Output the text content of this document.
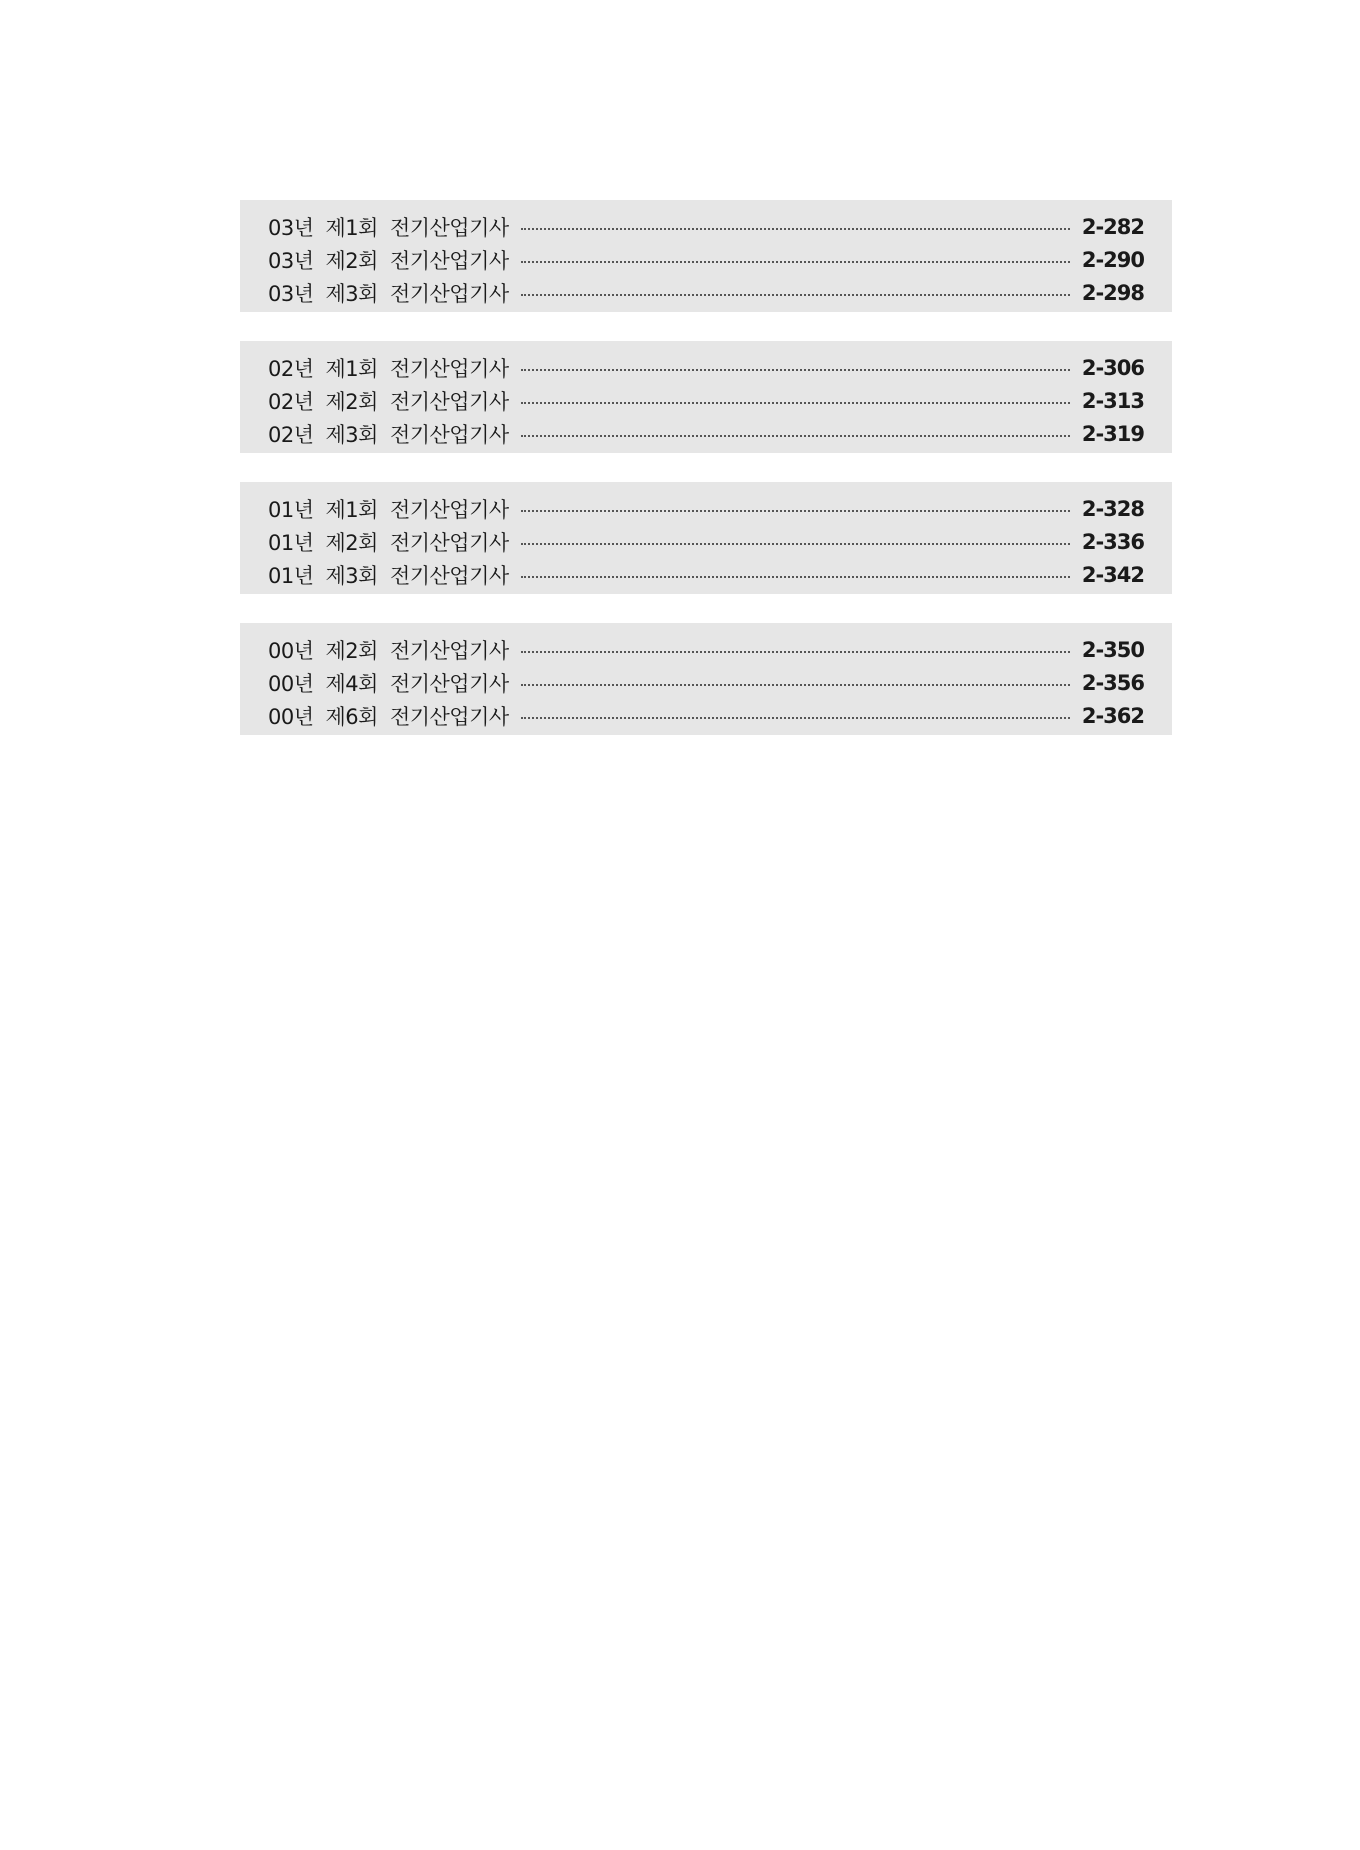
03년 제1회 전기산업기사	2-282
03년 제2회 전기산업기사	2-290
03년 제3회 전기산업기사	2-298
02년 제1회 전기산업기사	2-306
02년 제2회 전기산업기사	2-313
02년 제3회 전기산업기사	2-319
01년 제1회 전기산업기사	2-328
01년 제2회 전기산업기사	2-336
01년 제3회 전기산업기사	2-342
00년 제2회 전기산업기사	2-350
00년 제4회 전기산업기사	2-356
00년 제6회 전기산업기사	2-362
